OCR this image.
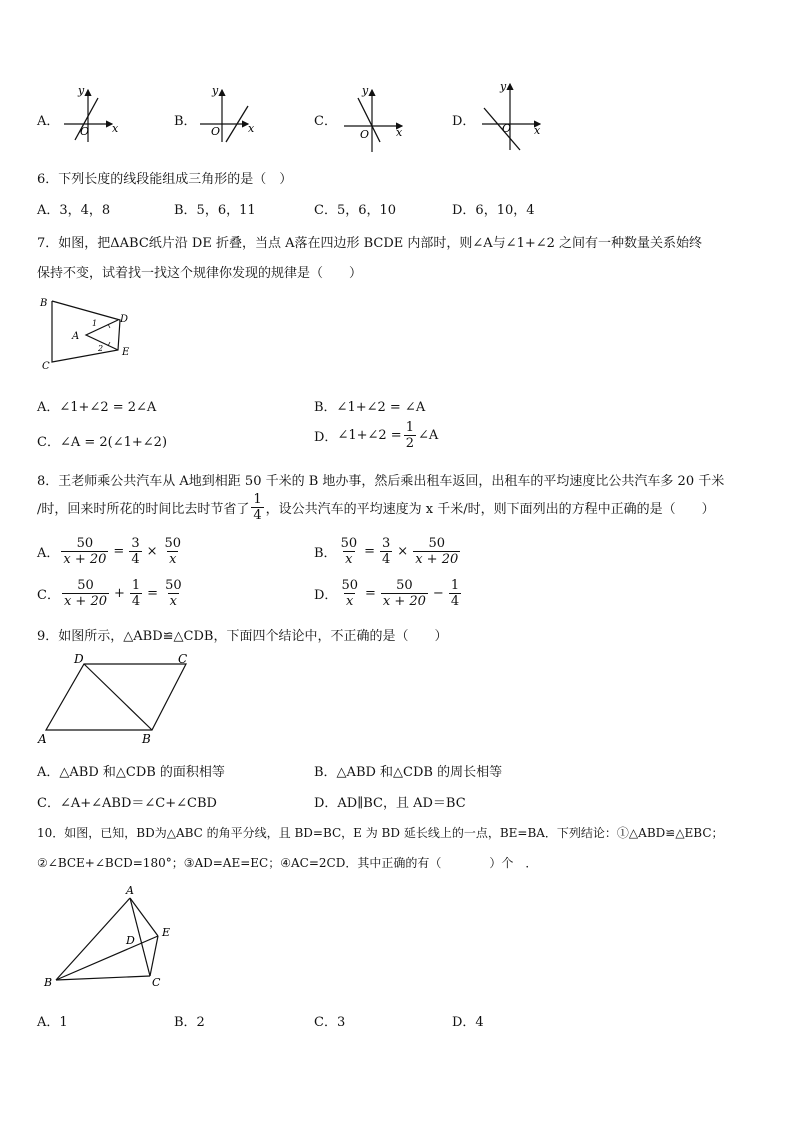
A．
y
O x	B．
y
O	x	C．
y
O x
D．
y
O x
6．下列长度的线段能组成三角形的是（　）
A．3，4，8	B．5，6，11	C．5，6，10	D．6，10，4
7．如图，把ΔABC纸片沿 DE 折叠，当点 A落在四边形 BCDE 内部时，则∠A与∠1+∠2 之间有一种数量关系始终
保持不变，试着找一找这个规律你发现的规律是（　　）
B
C
D
E
A
1
2
A．∠1+∠2 = 2∠A	B．∠1+∠2 = ∠A
C．∠A = 2(∠1+∠2)	D． ∠1+∠2 = $\frac{1}{2}$ ∠A
8．王老师乘公共汽车从 A地到相距 50 千米的 B 地办事，然后乘出租车返回，出租车的平均速度比公共汽车多 20 千米
/时，回来时所花的时间比去时节省了 $\frac{1}{4}$ ，设公共汽车的平均速度为 x 千米/时，则下面列出的方程中正确的是（　　）
A． $\frac{50}{x + 20} = \frac{3}{4} \times \frac{50}{x}$	B． $\frac{50}{x} = \frac{3}{4} \times \frac{50}{x + 20}$
C． $\frac{50}{x + 20} + \frac{1}{4} = \frac{50}{x}$	D． $\frac{50}{x} = \frac{50}{x + 20} - \frac{1}{4}$
9．如图所示，△ABD≌△CDB，下面四个结论中，不正确的是（　　）
A	B
C
D
A．△ABD 和△CDB 的面积相等	B．△ABD 和△CDB 的周长相等
C．∠A+∠ABD＝∠C+∠CBD	D．AD∥BC，且 AD＝BC
10．如图，已知，BD为△ABC 的角平分线，且 BD=BC，E 为 BD 延长线上的一点，BE=BA．下列结论：①△ABD≌△EBC；
②∠BCE+∠BCD=180°；③AD=AE=EC；④AC=2CD．其中正确的有（　　　　）个　．
A
B	C
D
E
A．1	B．2	C．3	D．4
